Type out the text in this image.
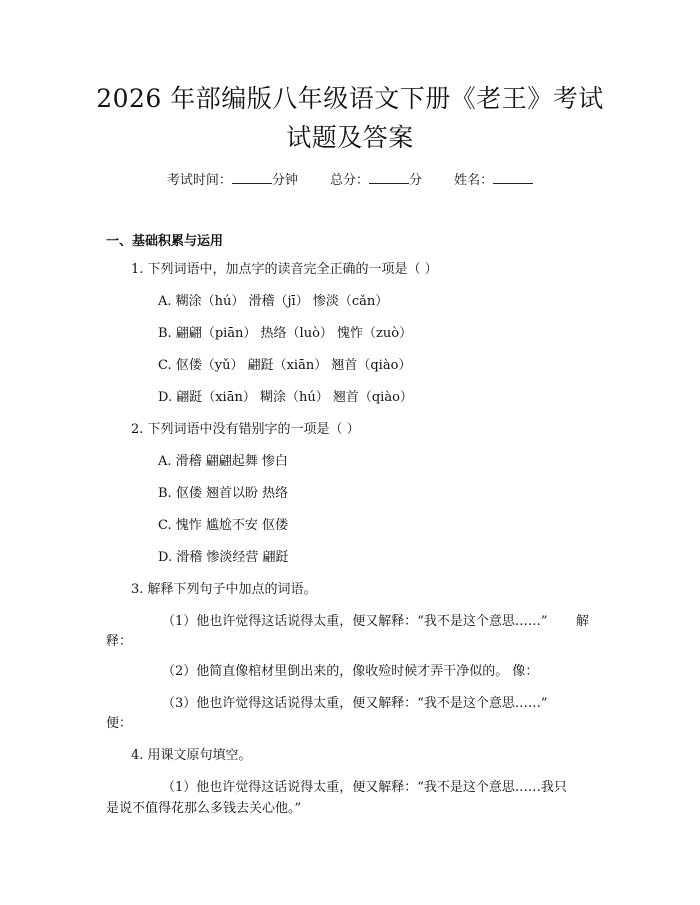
2026 年部编版八年级语文下册《老王》考试
试题及答案
考试时间：	分钟 总分：	分 姓名：
一、基础积累与运用
1. 下列词语中，加点字的读音完全正确的一项是（ ）
A. 糊涂（hú） 滑稽（jī） 惨淡（cǎn）
B. 翩翩（piān） 热络（luò） 愧怍（zuò）
C. 伛偻（yǔ） 翩跹（xiān） 翘首（qiào）
D. 翩跹（xiān） 糊涂（hú） 翘首（qiào）
2. 下列词语中没有错别字的一项是（ ）
A. 滑稽 翩翩起舞 惨白
B. 伛偻 翘首以盼 热络
C. 愧怍 尴尬不安 伛偻
D. 滑稽 惨淡经营 翩跹
3. 解释下列句子中加点的词语。
（1）他也许觉得这话说得太重，便又解释：“我不是这个意思……” 解
释：
（2）他简直像棺材里倒出来的，像收殓时候才弄干净似的。 像：
（3）他也许觉得这话说得太重，便又解释：“我不是这个意思……”
便：
4. 用课文原句填空。
（1）他也许觉得这话说得太重，便又解释：“我不是这个意思……我只
是说不值得花那么多钱去关心他。”
